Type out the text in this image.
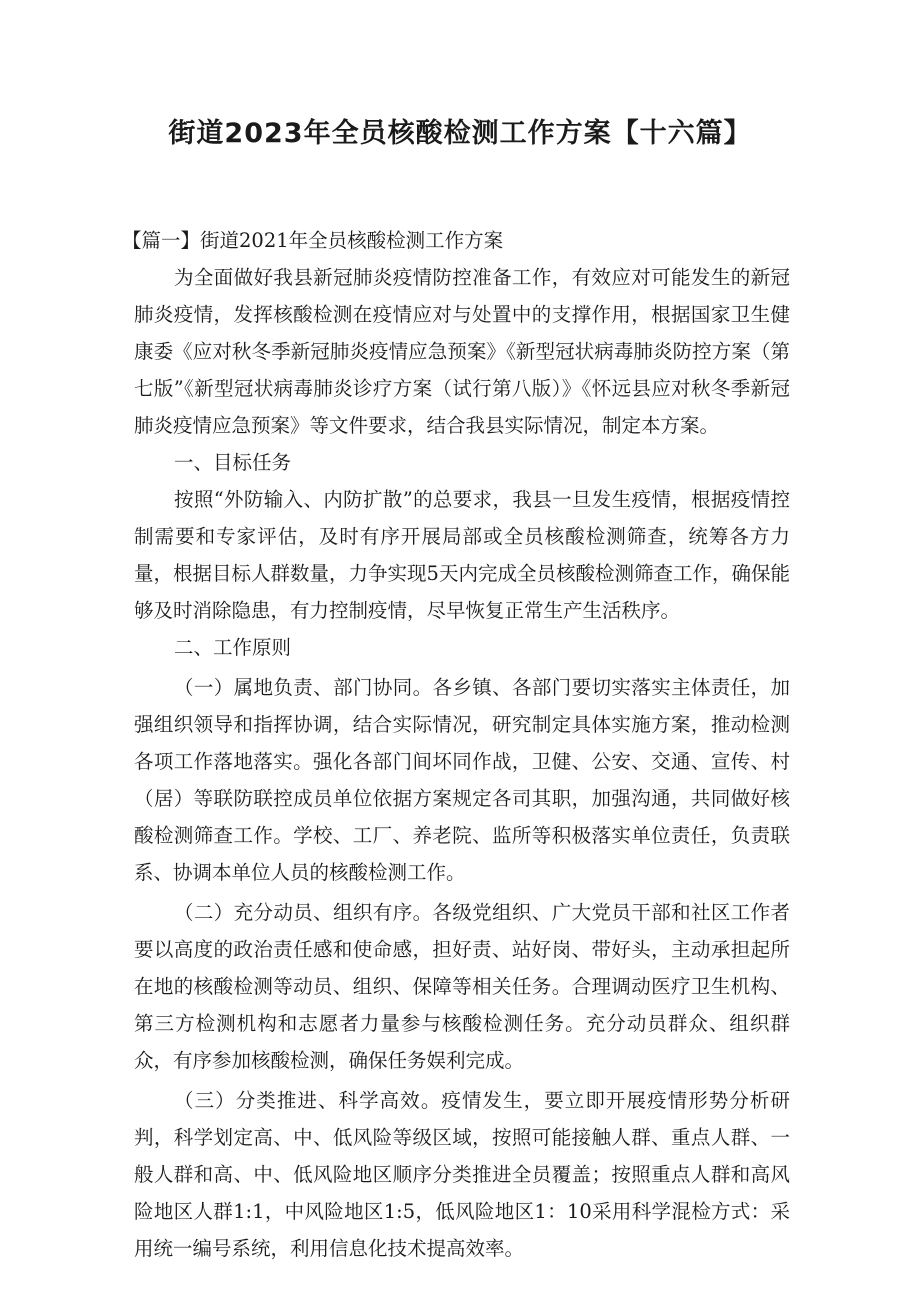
街道2023年全员核酸检测工作方案【十六篇】

【篇一】街道2021年全员核酸检测工作方案

为全面做好我县新冠肺炎疫情防控准备工作，有效应对可能发生的新冠肺炎疫情，发挥核酸检测在疫情应对与处置中的支撑作用，根据国家卫生健康委《应对秋冬季新冠肺炎疫情应急预案》《新型冠状病毒肺炎防控方案（第七版”《新型冠状病毒肺炎诊疗方案（试行第八版）》《怀远县应对秋冬季新冠肺炎疫情应急预案》等文件要求，结合我县实际情况，制定本方案。

一、目标任务

按照“外防输入、内防扩散”的总要求，我县一旦发生疫情，根据疫情控制需要和专家评估，及时有序开展局部或全员核酸检测筛查，统筹各方力量，根据目标人群数量，力争实现5天内完成全员核酸检测筛查工作，确保能够及时消除隐患，有力控制疫情，尽早恢复正常生产生活秩序。

二、工作原则

（一）属地负责、部门协同。各乡镇、各部门要切实落实主体责任，加强组织领导和指挥协调，结合实际情况，研究制定具体实施方案，推动检测各项工作落地落实。强化各部门间坏同作战，卫健、公安、交通、宣传、村（居）等联防联控成员单位依据方案规定各司其职，加强沟通，共同做好核酸检测筛查工作。学校、工厂、养老院、监所等积极落实单位责任，负责联系、协调本单位人员的核酸检测工作。

（二）充分动员、组织有序。各级党组织、广大党员干部和社区工作者要以高度的政治责任感和使命感，担好责、站好岗、带好头，主动承担起所在地的核酸检测等动员、组织、保障等相关任务。合理调动医疗卫生机构、第三方检测机构和志愿者力量参与核酸检测任务。充分动员群众、组织群众，有序参加核酸检测，确保任务娱利完成。

（三）分类推进、科学高效。疫情发生，要立即开展疫情形势分析研判，科学划定高、中、低风险等级区域，按照可能接触人群、重点人群、一般人群和高、中、低风险地区顺序分类推进全员覆盖；按照重点人群和高风险地区人群1:1，中风险地区1:5，低风险地区1：10采用科学混检方式：采用统一编号系统，利用信息化技术提高效率。
